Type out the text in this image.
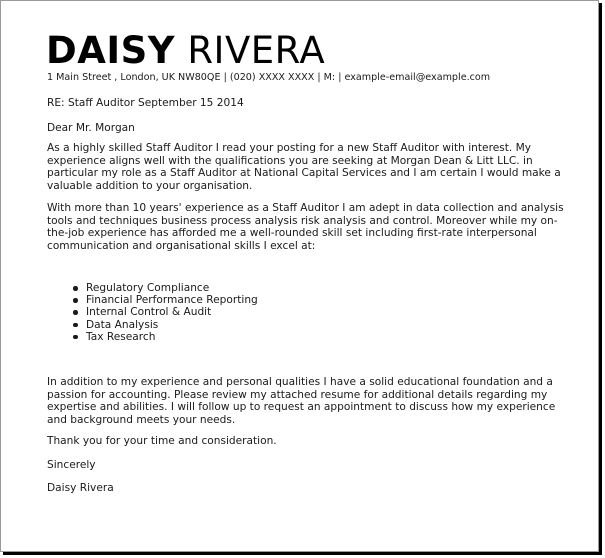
DAISY RIVERA
1 Main Street , London, UK NW80QE | (020) XXXX XXXX | M: | example-email@example.com
RE: Staff Auditor September 15 2014
Dear Mr. Morgan
As a highly skilled Staff Auditor I read your posting for a new Staff Auditor with interest. My experience aligns well with the qualifications you are seeking at Morgan Dean & Litt LLC. in particular my role as a Staff Auditor at National Capital Services and I am certain I would make a valuable addition to your organisation.
With more than 10 years' experience as a Staff Auditor I am adept in data collection and analysis tools and techniques business process analysis risk analysis and control. Moreover while my on-the-job experience has afforded me a well-rounded skill set including first-rate interpersonal communication and organisational skills I excel at:
Regulatory Compliance
Financial Performance Reporting
Internal Control & Audit
Data Analysis
Tax Research
In addition to my experience and personal qualities I have a solid educational foundation and a passion for accounting. Please review my attached resume for additional details regarding my expertise and abilities. I will follow up to request an appointment to discuss how my experience and background meets your needs.
Thank you for your time and consideration.
Sincerely
Daisy Rivera
